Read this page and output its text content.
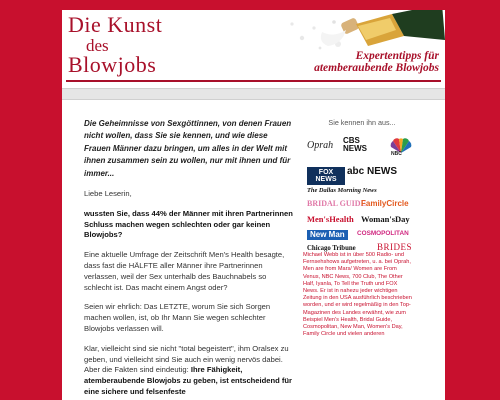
Die Kunst
des
Blowjobs	Expertentipps für
atemberaubende Blowjobs

Die Geheimnisse von Sexgöttinnen, von denen Frauen nicht wollen, dass Sie sie kennen, und wie diese Frauen Männer dazu bringen, um alles in der Welt mit ihnen zusammen sein zu wollen, nur mit ihnen und für immer...

Liebe Leserin,

wussten Sie, dass 44% der Männer mit ihren Partnerinnen Schluss machen wegen schlechten oder gar keinen Blowjobs?

Eine aktuelle Umfrage der Zeitschrift Men's Health besagte, dass fast die HÄLFTE aller Männer ihre Partnerinnen verlassen, weil der Sex unterhalb des Bauchnabels so schlecht ist. Das macht einem Angst oder?

Seien wir ehrlich: Das LETZTE, worum Sie sich Sorgen machen wollen, ist, ob Ihr Mann Sie wegen schlechter Blowjobs verlassen will.

Klar, vielleicht sind sie nicht "total begeistert", ihm Oralsex zu geben, und vielleicht sind Sie auch ein wenig nervös dabei. Aber die Fakten sind eindeutig: Ihre Fähigkeit, atemberaubende Blowjobs zu geben, ist entscheidend für eine sichere und felsenfeste

Sie kennen ihn aus...
Oprah CBS NEWS
NBC
FOX NEWS
abc NEWS
The Dallas Morning News
BRIDAL GUIDE
FamilyCircle
Men'sHealth Woman'sDay
New Man	COSMOPOLITAN
Chicago Tribune BRIDES
Michael Webb ist in über 500 Radio- und Fernsehshows aufgetreten, u. a. bei Oprah, Men are from Mars/ Women are From Venus, NBC News, 700 Club, The Other Half, Iyanla, To Tell the Truth und FOX News. Er ist in nahezu jeder wichtigen Zeitung in den USA ausführlich beschrieben worden, und er wird regelmäßig in den Top-Magazinen des Landes erwähnt, wie zum Beispiel Men's Health, Bridal Guide, Cosmopolitan, New Man, Women's Day, Family Circle und vielen anderen
